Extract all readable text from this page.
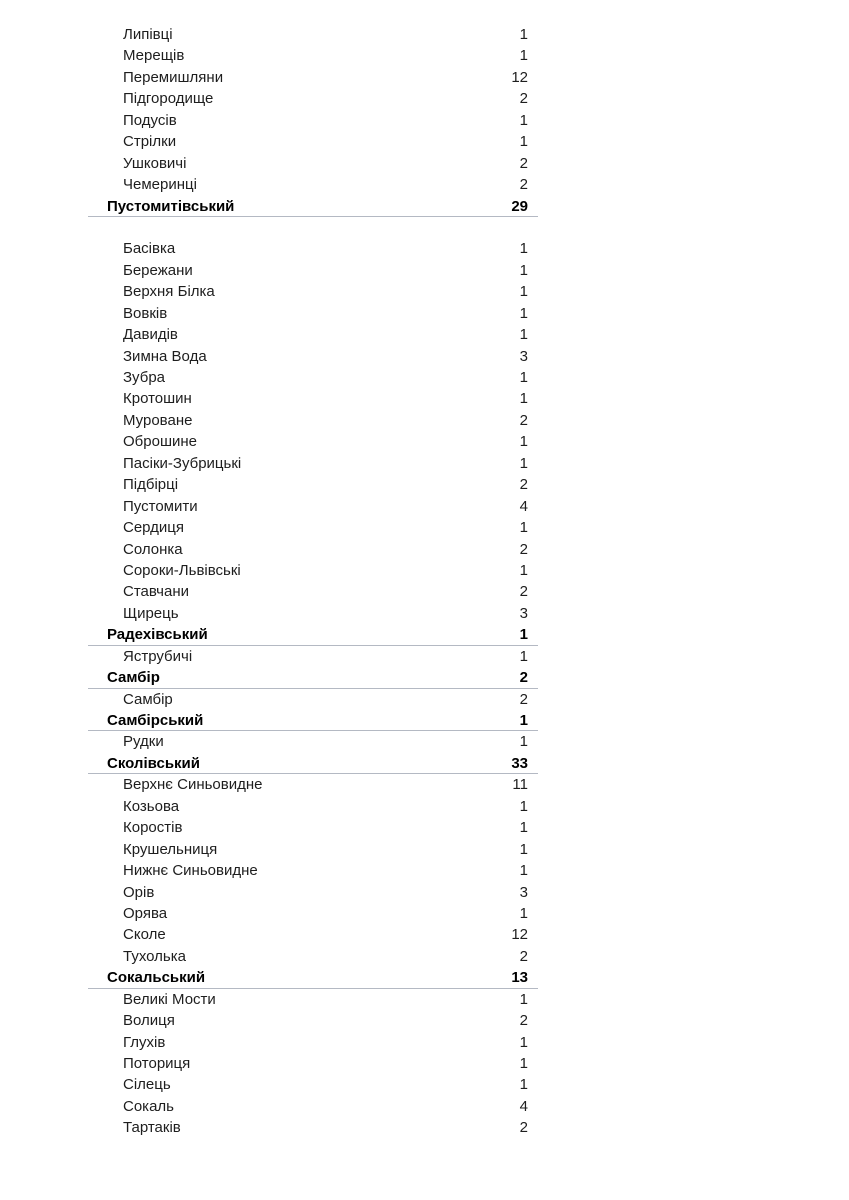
Липівці	1
Мерещів	1
Перемишляни	12
Підгородище	2
Подусів	1
Стрілки	1
Ушковичі	2
Чемеринці	2
Пустомитівський	29
Басівка	1
Бережани	1
Верхня Білка	1
Вовків	1
Давидів	1
Зимна Вода	3
Зубра	1
Кротошин	1
Муроване	2
Оброшине	1
Пасіки-Зубрицькі	1
Підбірці	2
Пустомити	4
Сердиця	1
Солонка	2
Сороки-Львівські	1
Ставчани	2
Щирець	3
Радехівський	1
Яструбичі	1
Самбір	2
Самбір	2
Самбірський	1
Рудки	1
Сколівський	33
Верхнє Синьовидне	11
Козьова	1
Коростів	1
Крушельниця	1
Нижнє Синьовидне	1
Орів	3
Орява	1
Сколе	12
Тухолька	2
Сокальський	13
Великі Мости	1
Волиця	2
Глухів	1
Поториця	1
Сілець	1
Сокаль	4
Тартаків	2
